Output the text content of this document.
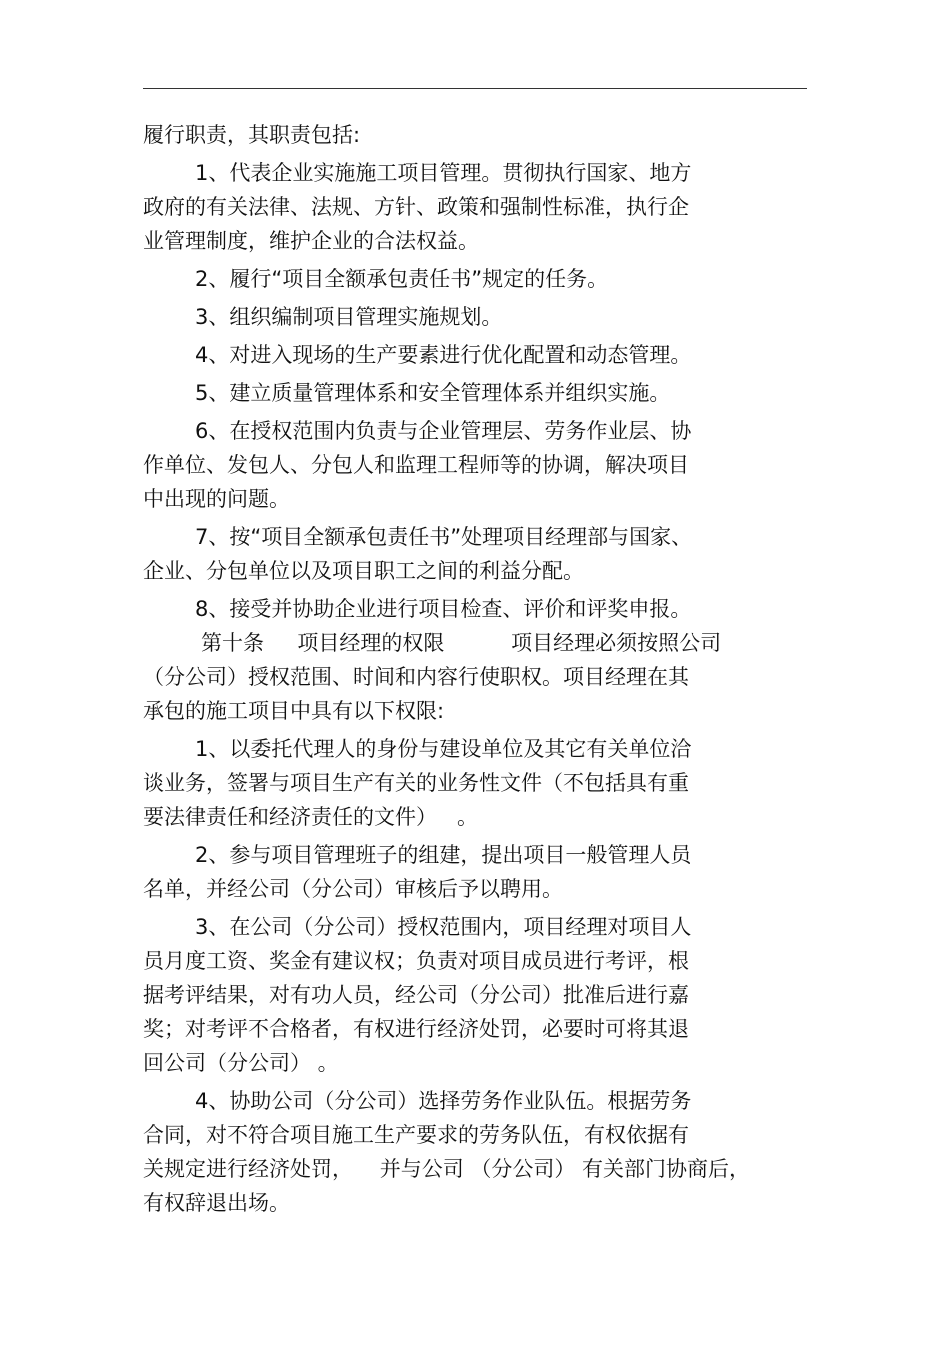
履行职责，其职责包括:
1、代表企业实施施工项目管理。贯彻执行国家、地方
政府的有关法律、法规、方针、政策和强制性标准，执行企
业管理制度，维护企业的合法权益。
2、履行“项目全额承包责任书”规定的任务。
3、组织编制项目管理实施规划。
4、对进入现场的生产要素进行优化配置和动态管理。
5、建立质量管理体系和安全管理体系并组织实施。
6、在授权范围内负责与企业管理层、劳务作业层、协
作单位、发包人、分包人和监理工程师等的协调，解决项目
中出现的问题。
7、按“项目全额承包责任书”处理项目经理部与国家、
企业、分包单位以及项目职工之间的利益分配。
8、接受并协助企业进行项目检查、评价和评奖申报。
第十条     项目经理的权限          项目经理必须按照公司
（分公司）授权范围、时间和内容行使职权。项目经理在其
承包的施工项目中具有以下权限:
1、以委托代理人的身份与建设单位及其它有关单位洽
谈业务，签署与项目生产有关的业务性文件（不包括具有重
要法律责任和经济责任的文件）   。
2、参与项目管理班子的组建，提出项目一般管理人员
名单，并经公司（分公司）审核后予以聘用。
3、在公司（分公司）授权范围内，项目经理对项目人
员月度工资、奖金有建议权；负责对项目成员进行考评，根
据考评结果，对有功人员，经公司（分公司）批准后进行嘉
奖；对考评不合格者，有权进行经济处罚，必要时可将其退
回公司（分公司） 。
4、协助公司（分公司）选择劳务作业队伍。根据劳务
合同，对不符合项目施工生产要求的劳务队伍，有权依据有
关规定进行经济处罚，    并与公司 （分公司） 有关部门协商后，
有权辞退出场。
